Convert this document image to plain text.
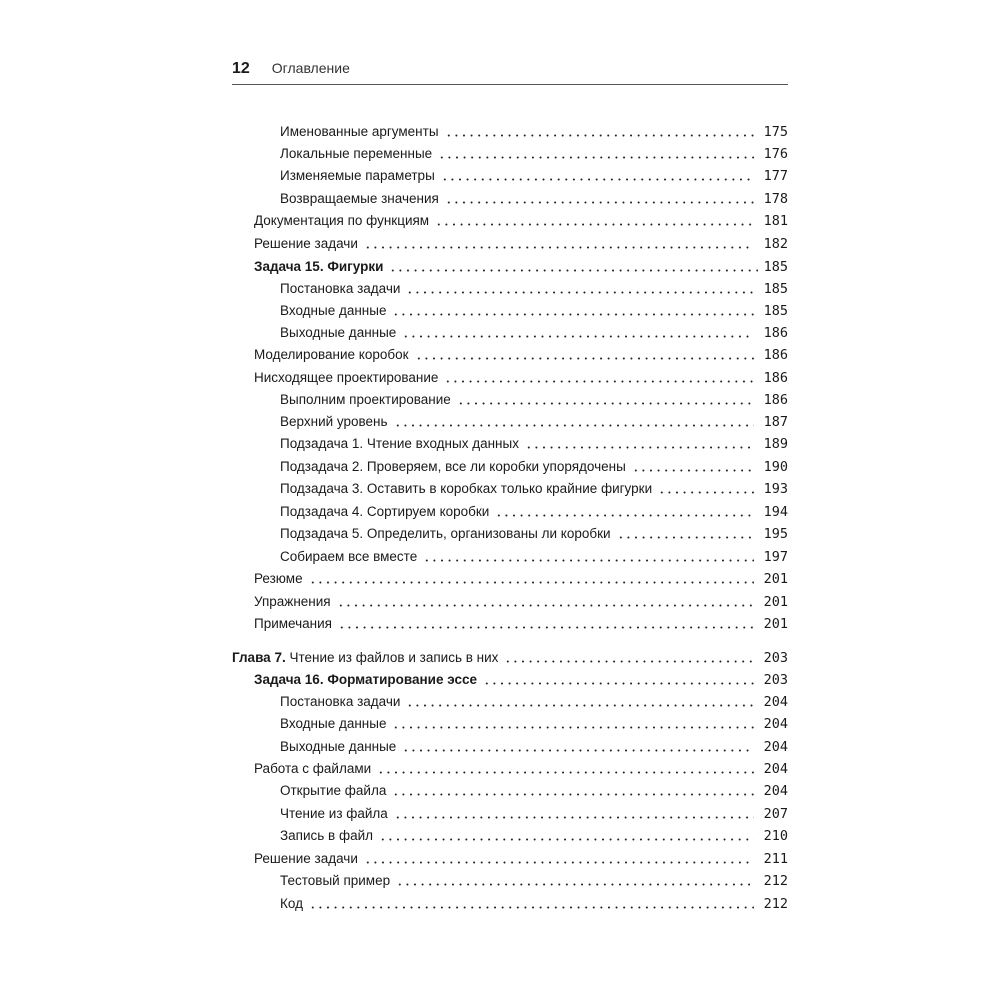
12 Оглавление
Именованные аргументы	175
Локальные переменные	176
Изменяемые параметры	177
Возвращаемые значения	178
Документация по функциям	181
Решение задачи	182
Задача 15. Фигурки	185
Постановка задачи	185
Входные данные	185
Выходные данные	186
Моделирование коробок	186
Нисходящее проектирование	186
Выполним проектирование	186
Верхний уровень	187
Подзадача 1. Чтение входных данных	189
Подзадача 2. Проверяем, все ли коробки упорядочены	190
Подзадача 3. Оставить в коробках только крайние фигурки	193
Подзадача 4. Сортируем коробки	194
Подзадача 5. Определить, организованы ли коробки	195
Собираем все вместе	197
Резюме	201
Упражнения	201
Примечания	201
Глава 7. Чтение из файлов и запись в них	203
Задача 16. Форматирование эссе	203
Постановка задачи	204
Входные данные	204
Выходные данные	204
Работа с файлами	204
Открытие файла	204
Чтение из файла	207
Запись в файл	210
Решение задачи	211
Тестовый пример	212
Код	212
